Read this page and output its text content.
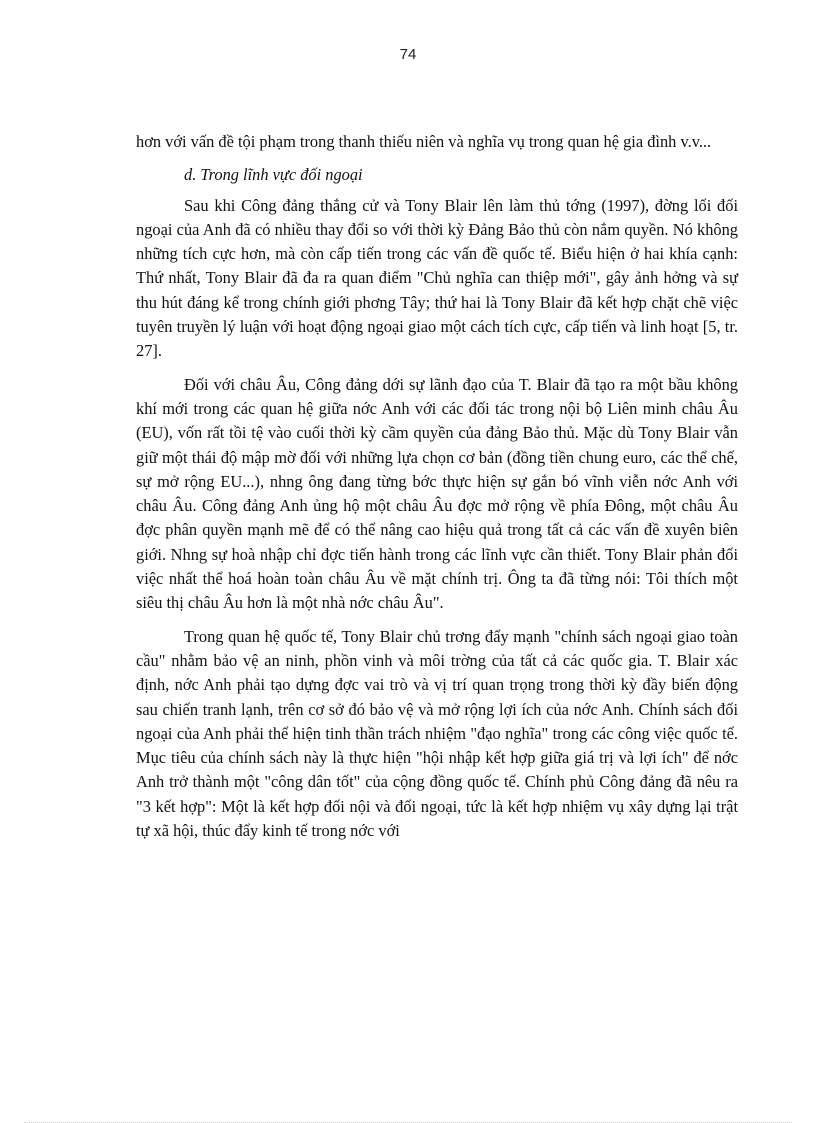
74

hơn với vấn đề tội phạm trong thanh thiếu niên và nghĩa vụ trong quan hệ gia đình v.v...

d. Trong lĩnh vực đối ngoại

Sau khi Công đảng thắng cử và Tony Blair lên làm thủ tớng (1997), đờng lối đối ngoại của Anh đã có nhiều thay đổi so với thời kỳ Đảng Bảo thủ còn nắm quyền. Nó không những tích cực hơn, mà còn cấp tiến trong các vấn đề quốc tế. Biểu hiện ở hai khía cạnh: Thứ nhất, Tony Blair đã đa ra quan điểm "Chủ nghĩa can thiệp mới", gây ảnh hởng và sự thu hút đáng kể trong chính giới phơng Tây; thứ hai là Tony Blair đã kết hợp chặt chẽ việc tuyên truyền lý luận với hoạt động ngoại giao một cách tích cực, cấp tiến và linh hoạt [5, tr. 27].

Đối với châu Âu, Công đảng dới sự lãnh đạo của T. Blair đã tạo ra một bầu không khí mới trong các quan hệ giữa nớc Anh với các đối tác trong nội bộ Liên minh châu Âu (EU), vốn rất tồi tệ vào cuối thời kỳ cầm quyền của đảng Bảo thủ. Mặc dù Tony Blair vẫn giữ một thái độ mập mờ đối với những lựa chọn cơ bản (đồng tiền chung euro, các thể chế, sự mở rộng EU...), nhng ông đang từng bớc thực hiện sự gắn bó vĩnh viễn nớc Anh với châu Âu. Công đảng Anh ủng hộ một châu Âu đợc mở rộng về phía Đông, một châu Âu đợc phân quyền mạnh mẽ để có thể nâng cao hiệu quả trong tất cả các vấn đề xuyên biên giới. Nhng sự hoà nhập chỉ đợc tiến hành trong các lĩnh vực cần thiết. Tony Blair phản đối việc nhất thể hoá hoàn toàn châu Âu về mặt chính trị. Ông ta đã từng nói: Tôi thích một siêu thị châu Âu hơn là một nhà nớc châu Âu".

Trong quan hệ quốc tế, Tony Blair chủ trơng đẩy mạnh "chính sách ngoại giao toàn cầu" nhằm bảo vệ an ninh, phồn vinh và môi trờng của tất cả các quốc gia. T. Blair xác định, nớc Anh phải tạo dựng đợc vai trò và vị trí quan trọng trong thời kỳ đầy biến động sau chiến tranh lạnh, trên cơ sở đó bảo vệ và mở rộng lợi ích của nớc Anh. Chính sách đối ngoại của Anh phải thể hiện tinh thần trách nhiệm "đạo nghĩa" trong các công việc quốc tế. Mục tiêu của chính sách này là thực hiện "hội nhập kết hợp giữa giá trị và lợi ích" để nớc Anh trở thành một "công dân tốt" của cộng đồng quốc tế. Chính phủ Công đảng đã nêu ra "3 kết hợp": Một là kết hợp đối nội và đối ngoại, tức là kết hợp nhiệm vụ xây dựng lại trật tự xã hội, thúc đẩy kinh tế trong nớc với
